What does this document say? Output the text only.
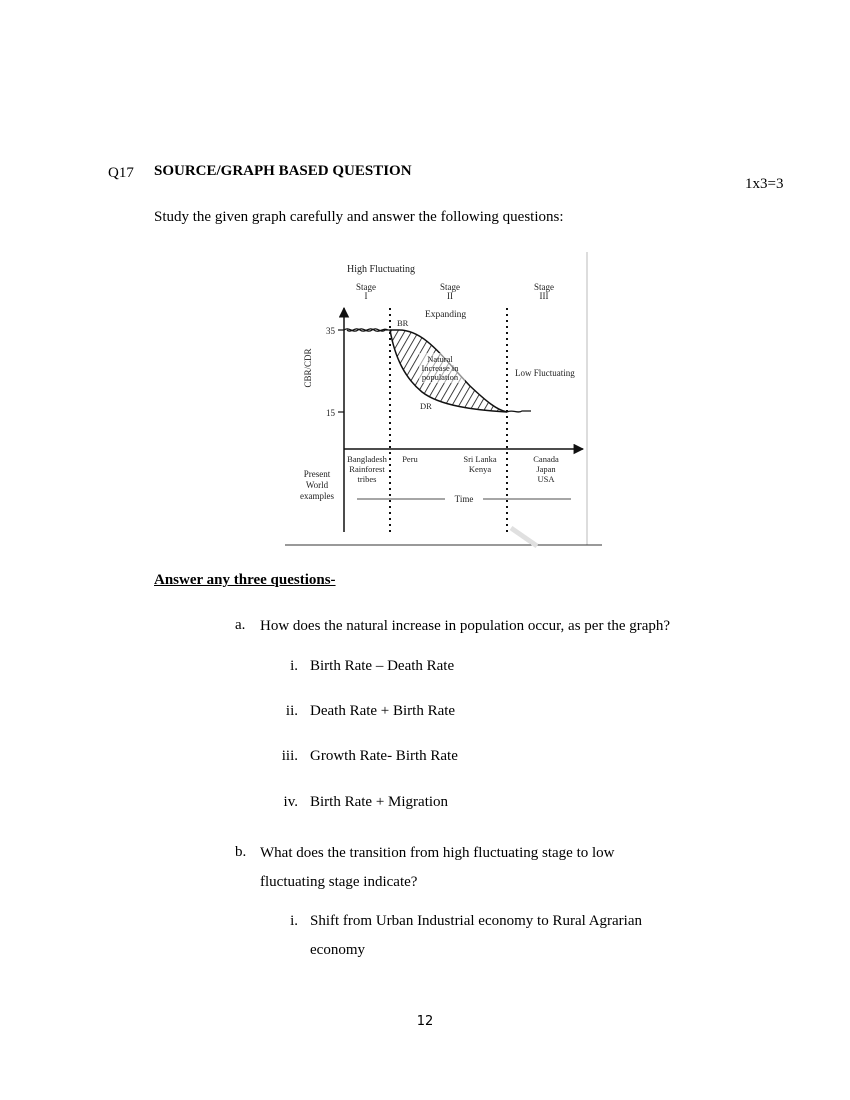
Q17 SOURCE/GRAPH BASED QUESTION
1x3=3
Study the given graph carefully and answer the following questions:
High Fluctuating
Stage
I
Stage
II
Stage
III
Expanding
CBR/CDR
35
15
BR
DR
Natural
Increase in
population	Low Fluctuating
Present
World
examples
Bangladesh
Rainforest
tribes
Peru	Sri Lanka
Kenya
Canada
Japan
USA
Time
Answer any three questions-
a. How does the natural increase in population occur, as per the graph?
i. Birth Rate – Death Rate
ii. Death Rate + Birth Rate
iii. Growth Rate- Birth Rate
iv. Birth Rate + Migration
b. What does the transition from high fluctuating stage to low
fluctuating stage indicate?
i. Shift from Urban Industrial economy to Rural Agrarian
economy
12
